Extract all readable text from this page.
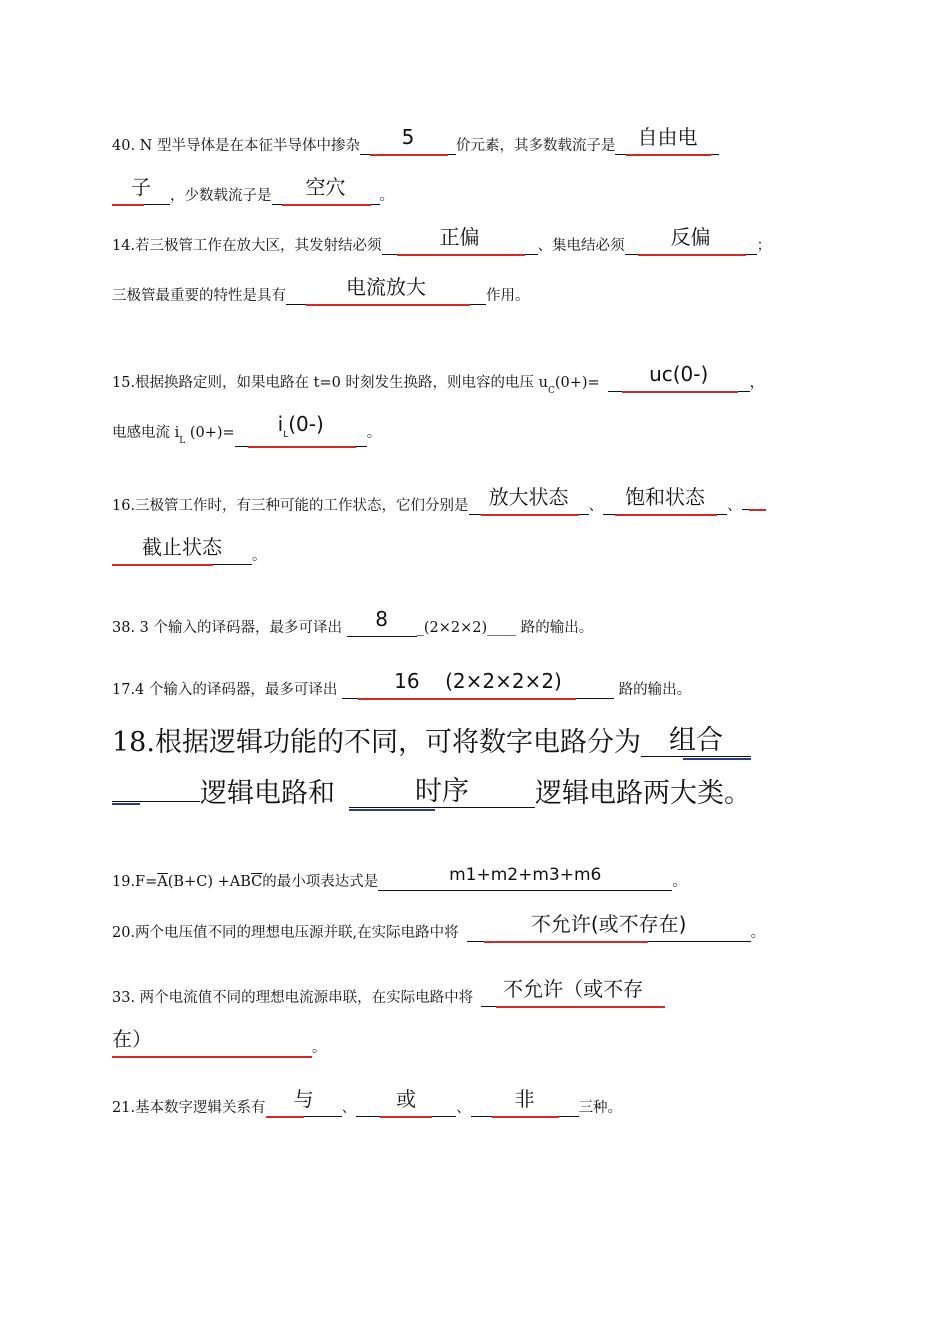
40. N 型半导体是在本征半导体中掺杂 5	价元素，其多数载流子是 自由电
子 ，少数载流子是 空穴 。
14.若三极管工作在放大区，其发射结必须	正偏	、集电结必须 反偏	；
三极管最重要的特性是具有	电流放大	作用。
15.根据换路定则，如果电路在 t=0 时刻发生换路，则电容的电压 $u_C(0+)= uc(0-)$	，
电感电流 $i_L$ $(0+)= i_L(0-)$	。
16.三极管工作时，有三种可能的工作状态，它们分别是 放大状态 、 饱和状态 、
截止状态 。
38. 3 个输入的译码器，最多可译出 8 _(2×2×2)____ 路的输出。
17.4 个输入的译码器，最多可译出	16 (2×2×2×2)	路的输出。
18.根据逻辑功能的不同，可将数字电路分为 组合
逻辑电路和	时序 逻辑电路两大类。
$19.F=\overline{A}(B+C) +AB\overline{C}$的最小项表达式是	m1+m2+m3+m6	。
20.两个电压值不同的理想电压源并联,在实际电路中将	不允许(或不存在)	。
33. 两个电流值不同的理想电流源串联，在实际电路中将 不允许（或不存
在）	。
21.基本数字逻辑关系有 与 、 或	、 非	三种。
